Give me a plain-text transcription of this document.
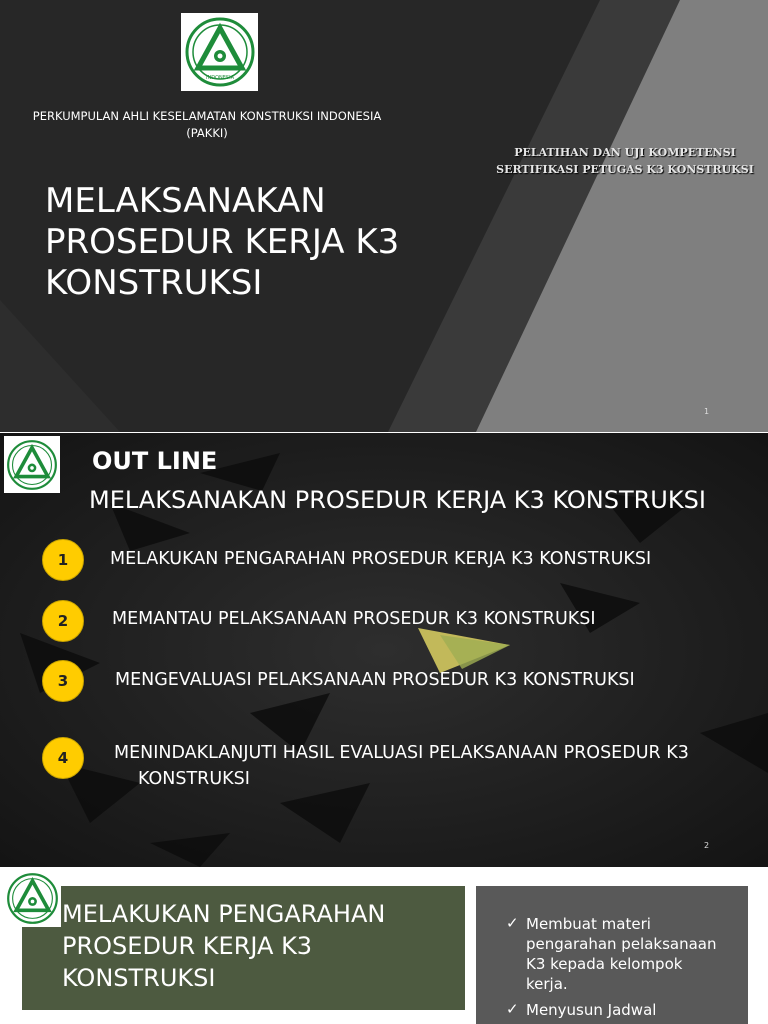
INDONESIA
PERKUMPULAN AHLI KESELAMATAN KONSTRUKSI INDONESIA
(PAKKI)
MELAKSANAKAN
PROSEDUR KERJA K3
KONSTRUKSI
PELATIHAN DAN UJI KOMPETENSI
SERTIFIKASI PETUGAS K3 KONSTRUKSI
1
OUT LINE
MELAKSANAKAN PROSEDUR KERJA K3 KONSTRUKSI
1	MELAKUKAN PENGARAHAN PROSEDUR KERJA K3 KONSTRUKSI
2	MEMANTAU PELAKSANAAN PROSEDUR K3 KONSTRUKSI
3	MENGEVALUASI PELAKSANAAN PROSEDUR K3 KONSTRUKSI
4	MENINDAKLANJUTI HASIL EVALUASI PELAKSANAAN PROSEDUR K3
KONSTRUKSI
2
MELAKUKAN PENGARAHAN
PROSEDUR KERJA K3
KONSTRUKSI
✓ Membuat materi
pengarahan pelaksanaan
K3 kepada kelompok
kerja.
✓ Menyusun Jadwal
